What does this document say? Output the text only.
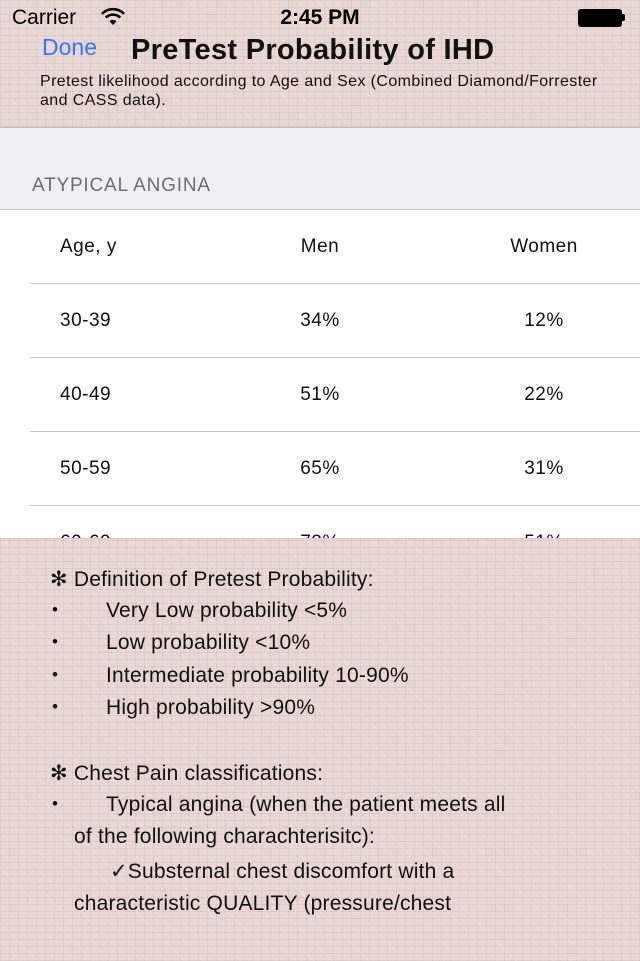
Carrier	2:45 PM
Done PreTest Probability of IHD
Pretest likelihood according to Age and Sex (Combined Diamond/Forrester and CASS data).
ATYPICAL ANGINA
Age, y	Men	Women
30-39	34%	12%
40-49	51%	22%
50-59	65%	31%
✻ Definition of Pretest Probability:
• Very Low probability <5%
• Low probability <10%
• Intermediate probability 10-90%
• High probability >90%
✻ Chest Pain classifications:
• Typical angina (when the patient meets all
of the following charachterisitc):
✓Substernal chest discomfort with a
characteristic QUALITY (pressure/chest
